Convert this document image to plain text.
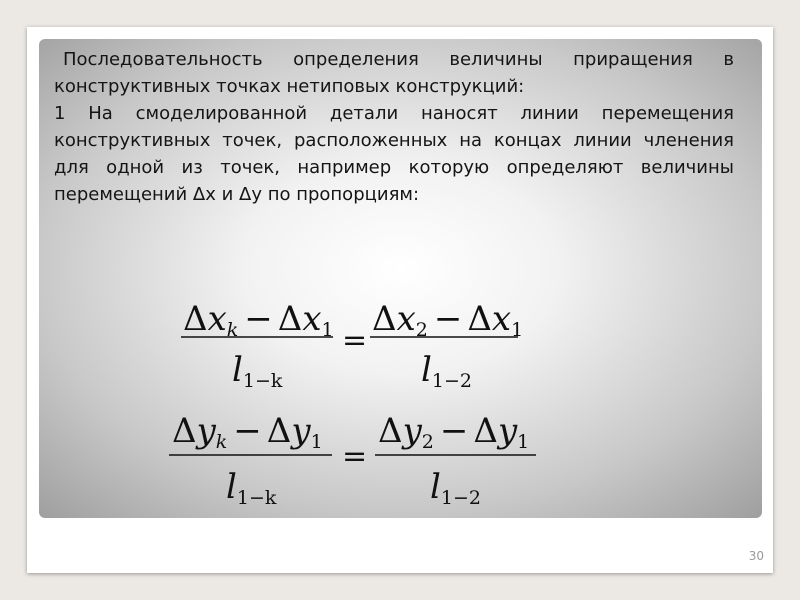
Последовательность определения величины приращения в конструктивных точках нетиповых конструкций:

1 На смоделированной детали наносят линии перемещения конструктивных точек, расположенных на концах линии членения для одной из точек, например которую определяют величины перемещений Δx и Δy по пропорциям:

Δxk − Δx1
l1−k
=
Δx2 − Δx1
l1−2
Δyk − Δy1
l1−k
=
Δy2 − Δy1
l1−2
30
